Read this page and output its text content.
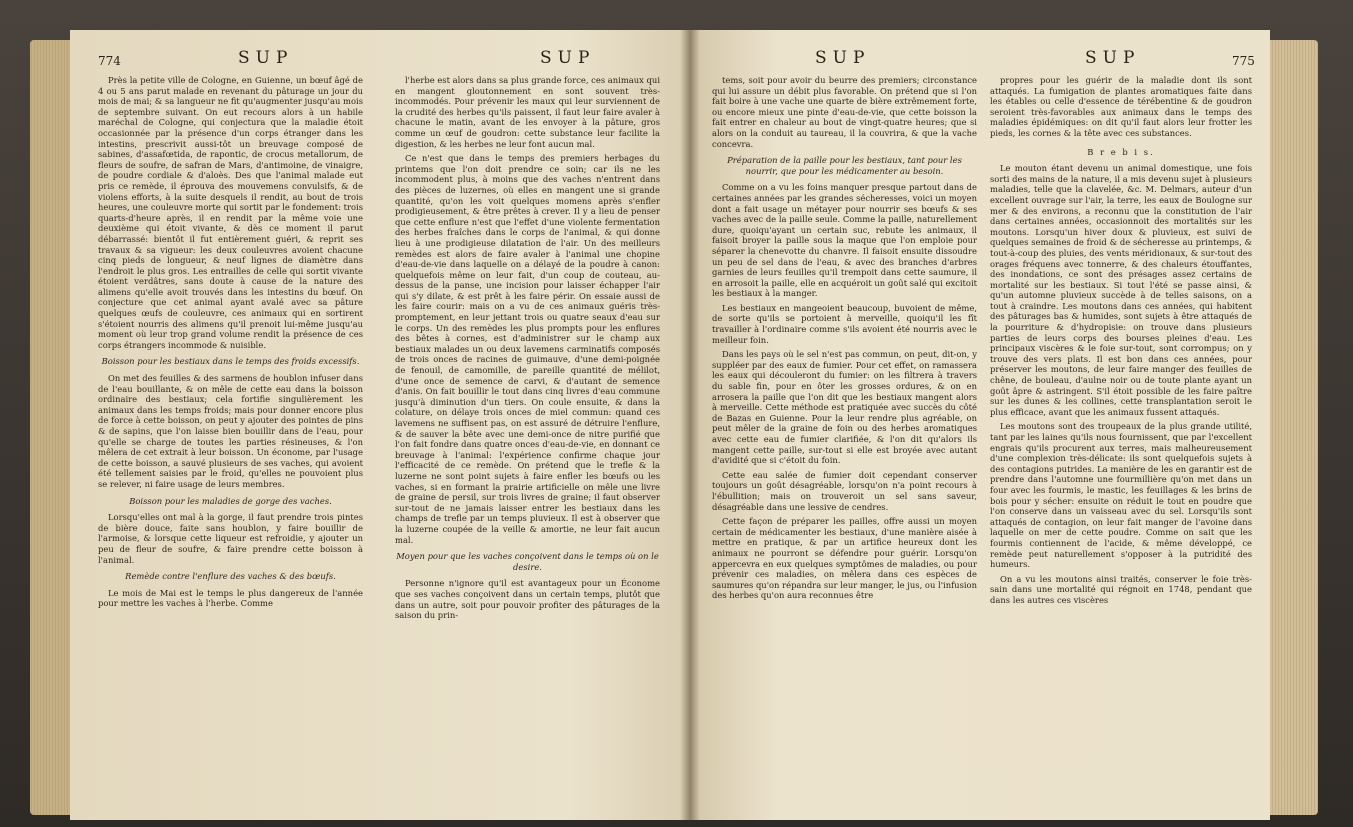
774	SUP	SUP	SUP	SUP	775

Près la petite ville de Cologne, en Guienne, un bœuf âgé de 4 ou 5 ans parut malade en revenant du pâturage un jour du mois de mai; & sa langueur ne fit qu'augmenter jusqu'au mois de septembre suivant. On eut recours alors à un habile maréchal de Cologne, qui conjectura que la maladie étoit occasionnée par la présence d'un corps étranger dans les intestins, prescrivit aussi-tôt un breuvage composé de sabines, d'assafœtida, de rapontic, de crocus metallorum, de fleurs de soufre, de safran de Mars, d'antimoine, de vinaigre, de poudre cordiale & d'aloès. Des que l'animal malade eut pris ce remède, il éprouva des mouvemens convulsifs, & de violens efforts, à la suite desquels il rendit, au bout de trois heures, une couleuvre morte qui sortit par le fondement: trois quarts-d'heure après, il en rendit par la même voie une deuxième qui étoit vivante, & dès ce moment il parut débarrassé: bientôt il fut entièrement guéri, & reprit ses travaux & sa vigueur: les deux couleuvres avoient chacune cinq pieds de longueur, & neuf lignes de diamètre dans l'endroit le plus gros. Les entrailles de celle qui sortit vivante étoient verdâtres, sans doute à cause de la nature des alimens qu'elle avoit trouvés dans les intestins du bœuf. On conjecture que cet animal ayant avalé avec sa pâture quelques œufs de couleuvre, ces animaux qui en sortirent s'étoient nourris des alimens qu'il prenoit lui-même jusqu'au moment où leur trop grand volume rendit la présence de ces corps étrangers incommode & nuisible.

Boisson pour les bestiaux dans le temps des froids excessifs.

On met des feuilles & des sarmens de houblon infuser dans de l'eau bouillante, & on mêle de cette eau dans la boisson ordinaire des bestiaux; cela fortifie singulièrement les animaux dans les temps froids; mais pour donner encore plus de force à cette boisson, on peut y ajouter des pointes de pins & de sapins, que l'on laisse bien bouillir dans de l'eau, pour qu'elle se charge de toutes les parties résineuses, & l'on mêlera de cet extrait à leur boisson. Un économe, par l'usage de cette boisson, a sauvé plusieurs de ses vaches, qui avoient été tellement saisies par le froid, qu'elles ne pouvoient plus se relever, ni faire usage de leurs membres.

Boisson pour les maladies de gorge des vaches.

Lorsqu'elles ont mal à la gorge, il faut prendre trois pintes de bière douce, faite sans houblon, y faire bouillir de l'armoise, & lorsque cette liqueur est refroidie, y ajouter un peu de fleur de soufre, & faire prendre cette boisson à l'animal.

Remède contre l'enflure des vaches & des bœufs.

Le mois de Mai est le temps le plus dangereux de l'année pour mettre les vaches à l'herbe. Comme

l'herbe est alors dans sa plus grande force, ces animaux qui en mangent gloutonnement en sont souvent très-incommodés. Pour prévenir les maux qui leur surviennent de la crudité des herbes qu'ils paissent, il faut leur faire avaler à chacune le matin, avant de les envoyer à la pâture, gros comme un œuf de goudron: cette substance leur facilite la digestion, & les herbes ne leur font aucun mal.

Ce n'est que dans le temps des premiers herbages du printems que l'on doit prendre ce soin; car ils ne les incommodent plus, à moins que des vaches n'entrent dans des pièces de luzernes, où elles en mangent une si grande quantité, qu'on les voit quelques momens après s'enfler prodigieusement, & être prêtes à crever. Il y a lieu de penser que cette enflure n'est que l'effet d'une violente fermentation des herbes fraîches dans le corps de l'animal, & qui donne lieu à une prodigieuse dilatation de l'air. Un des meilleurs remèdes est alors de faire avaler à l'animal une chopine d'eau-de-vie dans laquelle on a délayé de la poudre à canon: quelquefois même on leur fait, d'un coup de couteau, au-dessus de la panse, une incision pour laisser échapper l'air qui s'y dilate, & est prêt à les faire périr. On essaie aussi de les faire courir: mais on a vu de ces animaux guéris très-promptement, en leur jettant trois ou quatre seaux d'eau sur le corps. Un des remèdes les plus prompts pour les enflures des bêtes à cornes, est d'administrer sur le champ aux bestiaux malades un ou deux lavemens carminatifs composés de trois onces de racines de guimauve, d'une demi-poignée de fenouil, de camomille, de pareille quantité de mélilot, d'une once de semence de carvi, & d'autant de semence d'anis. On fait bouillir le tout dans cinq livres d'eau commune jusqu'à diminution d'un tiers. On coule ensuite, & dans la colature, on délaye trois onces de miel commun: quand ces lavemens ne suffisent pas, on est assuré de détruire l'enflure, & de sauver la bête avec une demi-once de nitre purifié que l'on fait fondre dans quatre onces d'eau-de-vie, en donnant ce breuvage à l'animal: l'expérience confirme chaque jour l'efficacité de ce remède. On prétend que le trefle & la luzerne ne sont point sujets à faire enfler les bœufs ou les vaches, si en formant la prairie artificielle on mêle une livre de graine de persil, sur trois livres de graine; il faut observer sur-tout de ne jamais laisser entrer les bestiaux dans les champs de trefle par un temps pluvieux. Il est à observer que la luzerne coupée de la veille & amortie, ne leur fait aucun mal.

Moyen pour que les vaches conçoivent dans le temps où on le desire.

Personne n'ignore qu'il est avantageux pour un Économe que ses vaches conçoivent dans un certain temps, plutôt que dans un autre, soit pour pouvoir profiter des pâturages de la saison du prin-

tems, soit pour avoir du beurre des premiers; circonstance qui lui assure un débit plus favorable. On prétend que si l'on fait boire à une vache une quarte de bière extrêmement forte, ou encore mieux une pinte d'eau-de-vie, que cette boisson la fait entrer en chaleur au bout de vingt-quatre heures; que si alors on la conduit au taureau, il la couvrira, & que la vache concevra.

Préparation de la paille pour les bestiaux, tant pour les nourrir, que pour les médicamenter au besoin.

Comme on a vu les foins manquer presque partout dans de certaines années par les grandes sécheresses, voici un moyen dont a fait usage un métayer pour nourrir ses bœufs & ses vaches avec de la paille seule. Comme la paille, naturellement dure, quoiqu'ayant un certain suc, rebute les animaux, il faisoit broyer la paille sous la maque que l'on emploie pour séparer la chenevotte du chanvre. Il faisoit ensuite dissoudre un peu de sel dans de l'eau, & avec des branches d'arbres garnies de leurs feuilles qu'il trempoit dans cette saumure, il en arrosoit la paille, elle en acquéroit un goût salé qui excitoit les bestiaux à la manger.

Les bestiaux en mangeoient beaucoup, buvoient de même, de sorte qu'ils se portoient à merveille, quoiqu'il les fît travailler à l'ordinaire comme s'ils avoient été nourris avec le meilleur foin.

Dans les pays où le sel n'est pas commun, on peut, dit-on, y suppléer par des eaux de fumier. Pour cet effet, on ramassera les eaux qui découleront du fumier: on les filtrera à travers du sable fin, pour en ôter les grosses ordures, & on en arrosera la paille que l'on dit que les bestiaux mangent alors à merveille. Cette méthode est pratiquée avec succès du côté de Bazas en Guienne. Pour la leur rendre plus agréable, on peut mêler de la graine de foin ou des herbes aromatiques avec cette eau de fumier clarifiée, & l'on dit qu'alors ils mangent cette paille, sur-tout si elle est broyée avec autant d'avidité que si c'étoit du foin.

Cette eau salée de fumier doit cependant conserver toujours un goût désagréable, lorsqu'on n'a point recours à l'ébullition; mais on trouveroit un sel sans saveur, désagréable dans une lessive de cendres.

Cette façon de préparer les pailles, offre aussi un moyen certain de médicamenter les bestiaux, d'une manière aisée à mettre en pratique, & par un artifice heureux dont les animaux ne pourront se défendre pour guérir. Lorsqu'on appercevra en eux quelques symptômes de maladies, ou pour prévenir ces maladies, on mêlera dans ces espèces de saumures qu'on répandra sur leur manger, le jus, ou l'infusion des herbes qu'on aura reconnues être

propres pour les guérir de la maladie dont ils sont attaqués. La fumigation de plantes aromatiques faite dans les étables ou celle d'essence de térébentine & de goudron seroient très-favorables aux animaux dans le temps des maladies épidémiques: on dit qu'il faut alors leur frotter les pieds, les cornes & la tête avec ces substances.

B r e b i s.

Le mouton étant devenu un animal domestique, une fois sorti des mains de la nature, il a mis devenu sujet à plusieurs maladies, telle que la clavelée, &c. M. Delmars, auteur d'un excellent ouvrage sur l'air, la terre, les eaux de Boulogne sur mer & des environs, a reconnu que la constitution de l'air dans certaines années, occasionnoit des mortalités sur les moutons. Lorsqu'un hiver doux & pluvieux, est suivi de quelques semaines de froid & de sécheresse au printemps, & tout-à-coup des pluies, des vents méridionaux, & sur-tout des orages fréquens avec tonnerre, & des chaleurs étouffantes, des inondations, ce sont des présages assez certains de mortalité sur les bestiaux. Si tout l'été se passe ainsi, & qu'un automne pluvieux succède à de telles saisons, on a tout à craindre. Les moutons dans ces années, qui habitent des pâturages bas & humides, sont sujets à être attaqués de la pourriture & d'hydropisie: on trouve dans plusieurs parties de leurs corps des bourses pleines d'eau. Les principaux viscères & le foie sur-tout, sont corrompus; on y trouve des vers plats. Il est bon dans ces années, pour préserver les moutons, de leur faire manger des feuilles de chêne, de bouleau, d'aulne noir ou de toute plante ayant un goût âpre & astringent. S'il étoit possible de les faire paître sur les dunes & les collines, cette transplantation seroit le plus efficace, avant que les animaux fussent attaqués.

Les moutons sont des troupeaux de la plus grande utilité, tant par les laines qu'ils nous fournissent, que par l'excellent engrais qu'ils procurent aux terres, mais malheureusement d'une complexion très-délicate: ils sont quelquefois sujets à des contagions putrides. La manière de les en garantir est de prendre dans l'automne une fourmillière qu'on met dans un four avec les fourmis, le mastic, les feuillages & les brins de bois pour y sécher: ensuite on réduit le tout en poudre que l'on conserve dans un vaisseau avec du sel. Lorsqu'ils sont attaqués de contagion, on leur fait manger de l'avoine dans laquelle on mer de cette poudre. Comme on sait que les fourmis contiennent de l'acide, & même développé, ce remède peut naturellement s'opposer à la putridité des humeurs.

On a vu les moutons ainsi traités, conserver le foie très-sain dans une mortalité qui régnoit en 1748, pendant que dans les autres ces viscères
